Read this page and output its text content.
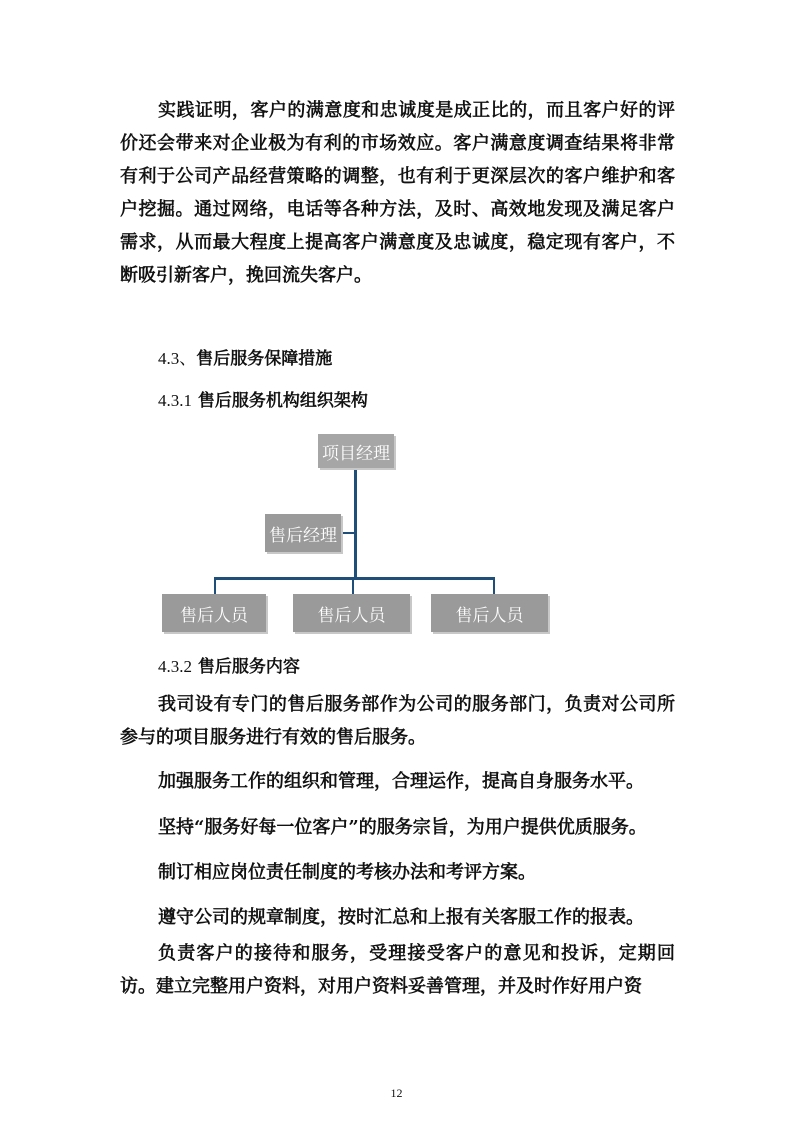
实践证明，客户的满意度和忠诚度是成正比的，而且客户好的评价还会带来对企业极为有利的市场效应。客户满意度调查结果将非常有利于公司产品经营策略的调整，也有利于更深层次的客户维护和客户挖掘。通过网络，电话等各种方法，及时、高效地发现及满足客户需求，从而最大程度上提高客户满意度及忠诚度，稳定现有客户，不断吸引新客户，挽回流失客户。

4.3、售后服务保障措施

4.3.1 售后服务机构组织架构

项目经理
售后经理
售后人员	售后人员	售后人员

4.3.2 售后服务内容

我司设有专门的售后服务部作为公司的服务部门，负责对公司所参与的项目服务进行有效的售后服务。

加强服务工作的组织和管理，合理运作，提高自身服务水平。

坚持“服务好每一位客户”的服务宗旨，为用户提供优质服务。

制订相应岗位责任制度的考核办法和考评方案。

遵守公司的规章制度，按时汇总和上报有关客服工作的报表。

负责客户的接待和服务，受理接受客户的意见和投诉，定期回访。建立完整用户资料，对用户资料妥善管理，并及时作好用户资

12
